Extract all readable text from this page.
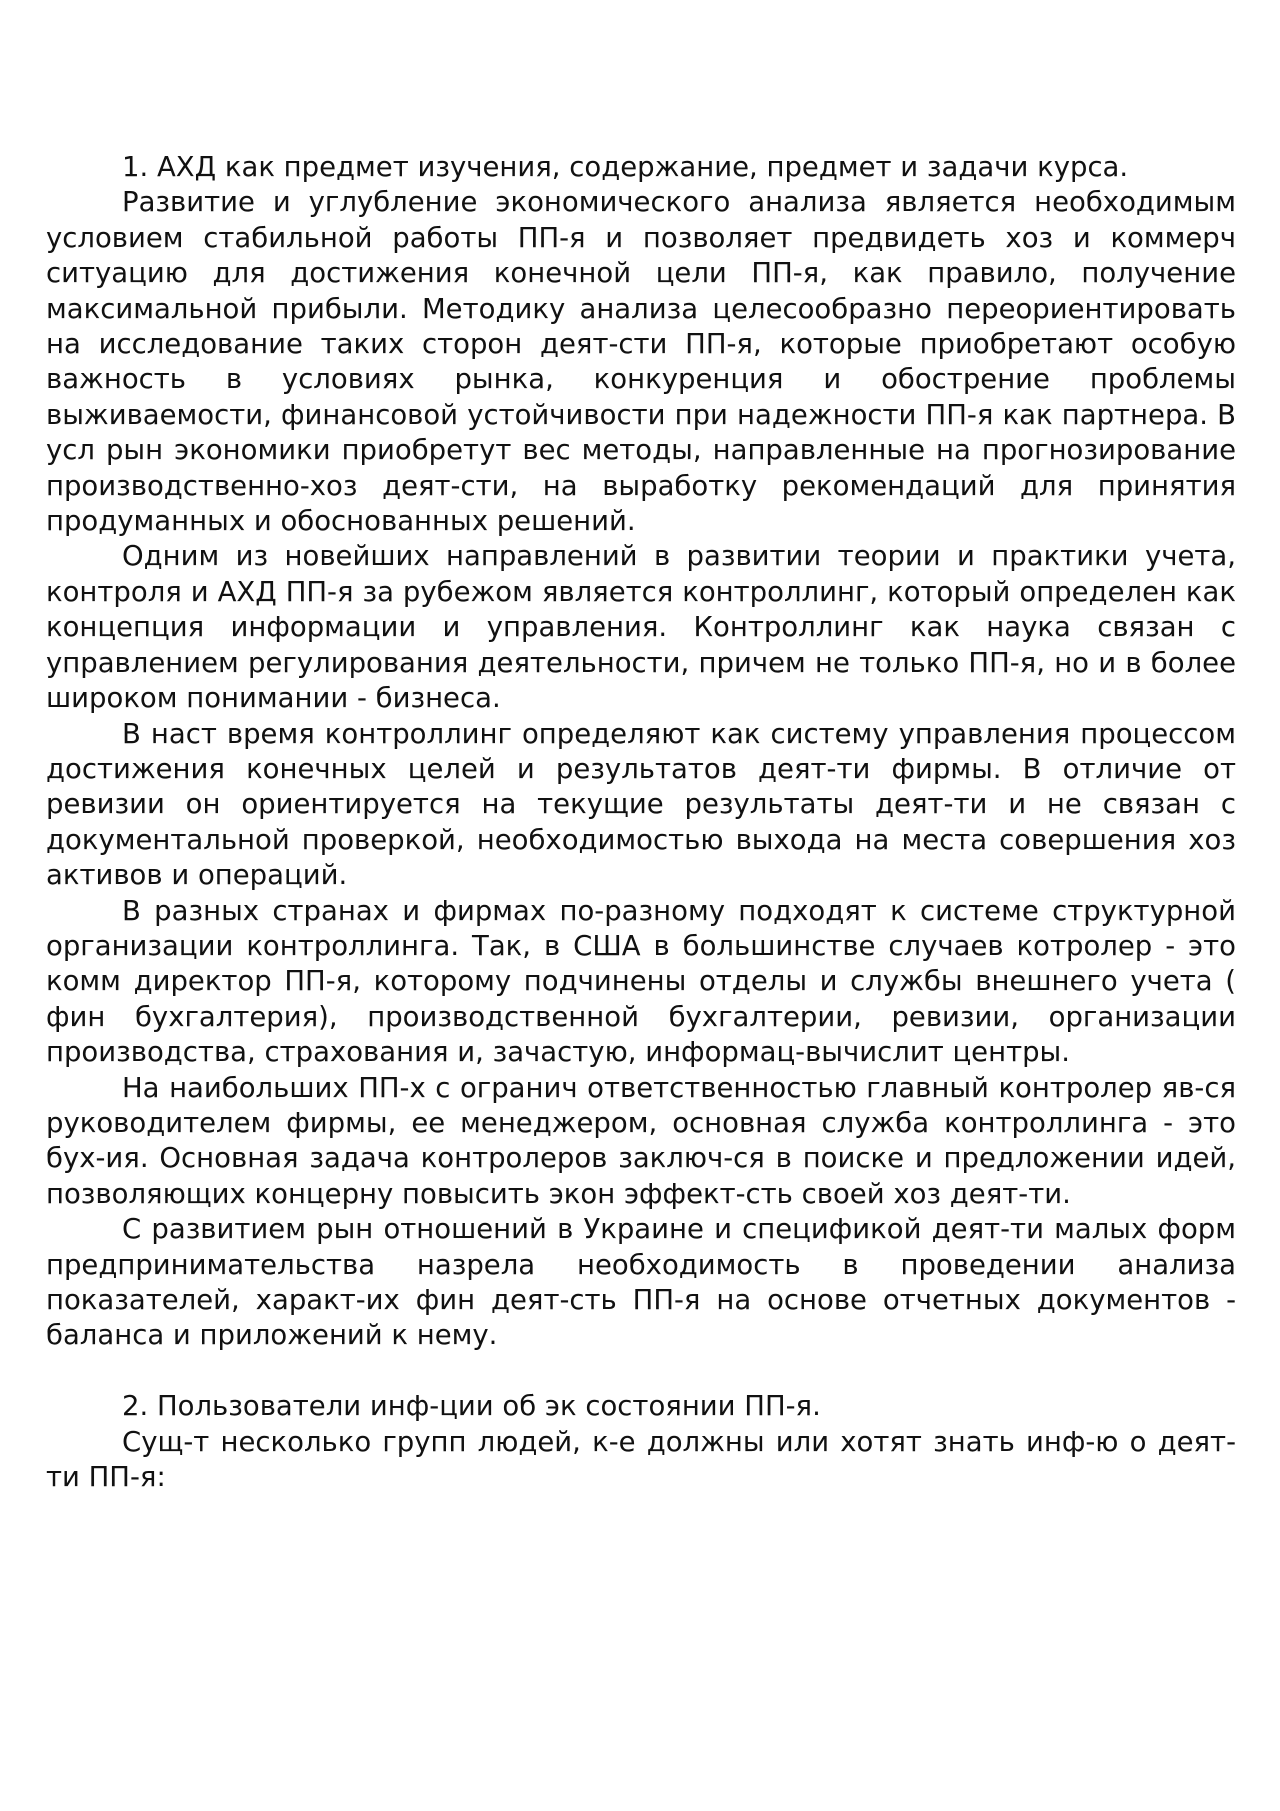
1. АХД как предмет изучения, содержание, предмет и задачи курса.

Развитие и углубление экономического анализа является необходимым условием стабильной работы ПП-я и позволяет предвидеть хоз и коммерч ситуацию для достижения конечной цели ПП-я, как правило, получение максимальной прибыли. Методику анализа целесообразно переориентировать на исследование таких сторон деят-сти ПП-я, которые приобретают особую важность в условиях рынка, конкуренция и обострение проблемы выживаемости, финансовой устойчивости при надежности ПП-я как партнера. В усл рын экономики приобретут вес методы, направленные на прогнозирование производственно-хоз деят-сти, на выработку рекомендаций для принятия продуманных и обоснованных решений.

Одним из новейших направлений в развитии теории и практики учета, контроля и АХД ПП-я за рубежом является контроллинг, который определен как концепция информации и управления. Контроллинг как наука связан с управлением регулирования деятельности, причем не только ПП-я, но и в более широком понимании - бизнеса.

В наст время контроллинг определяют как систему управления процессом достижения конечных целей и результатов деят-ти фирмы. В отличие от ревизии он ориентируется на текущие результаты деят-ти и не связан с документальной проверкой, необходимостью выхода на места совершения хоз активов и операций.

В разных странах и фирмах по-разному подходят к системе структурной организации контроллинга. Так, в США в большинстве случаев котролер - это комм директор ПП-я, которому подчинены отделы и службы внешнего учета ( фин бухгалтерия), производственной бухгалтерии, ревизии, организации производства, страхования и, зачастую, информац-вычислит центры.

На наибольших ПП-х с огранич ответственностью главный контролер яв-ся руководителем фирмы, ее менеджером, основная служба контроллинга - это бух-ия. Основная задача контролеров заключ-ся в поиске и предложении идей, позволяющих концерну повысить экон эффект-сть своей хоз деят-ти.

С развитием рын отношений в Украине и спецификой деят-ти малых форм предпринимательства назрела необходимость в проведении анализа показателей, характ-их фин деят-сть ПП-я на основе отчетных документов - баланса и приложений к нему.

2. Пользователи инф-ции об эк состоянии ПП-я.

Сущ-т несколько групп людей, к-е должны или хотят знать инф-ю о деят-ти ПП-я:
